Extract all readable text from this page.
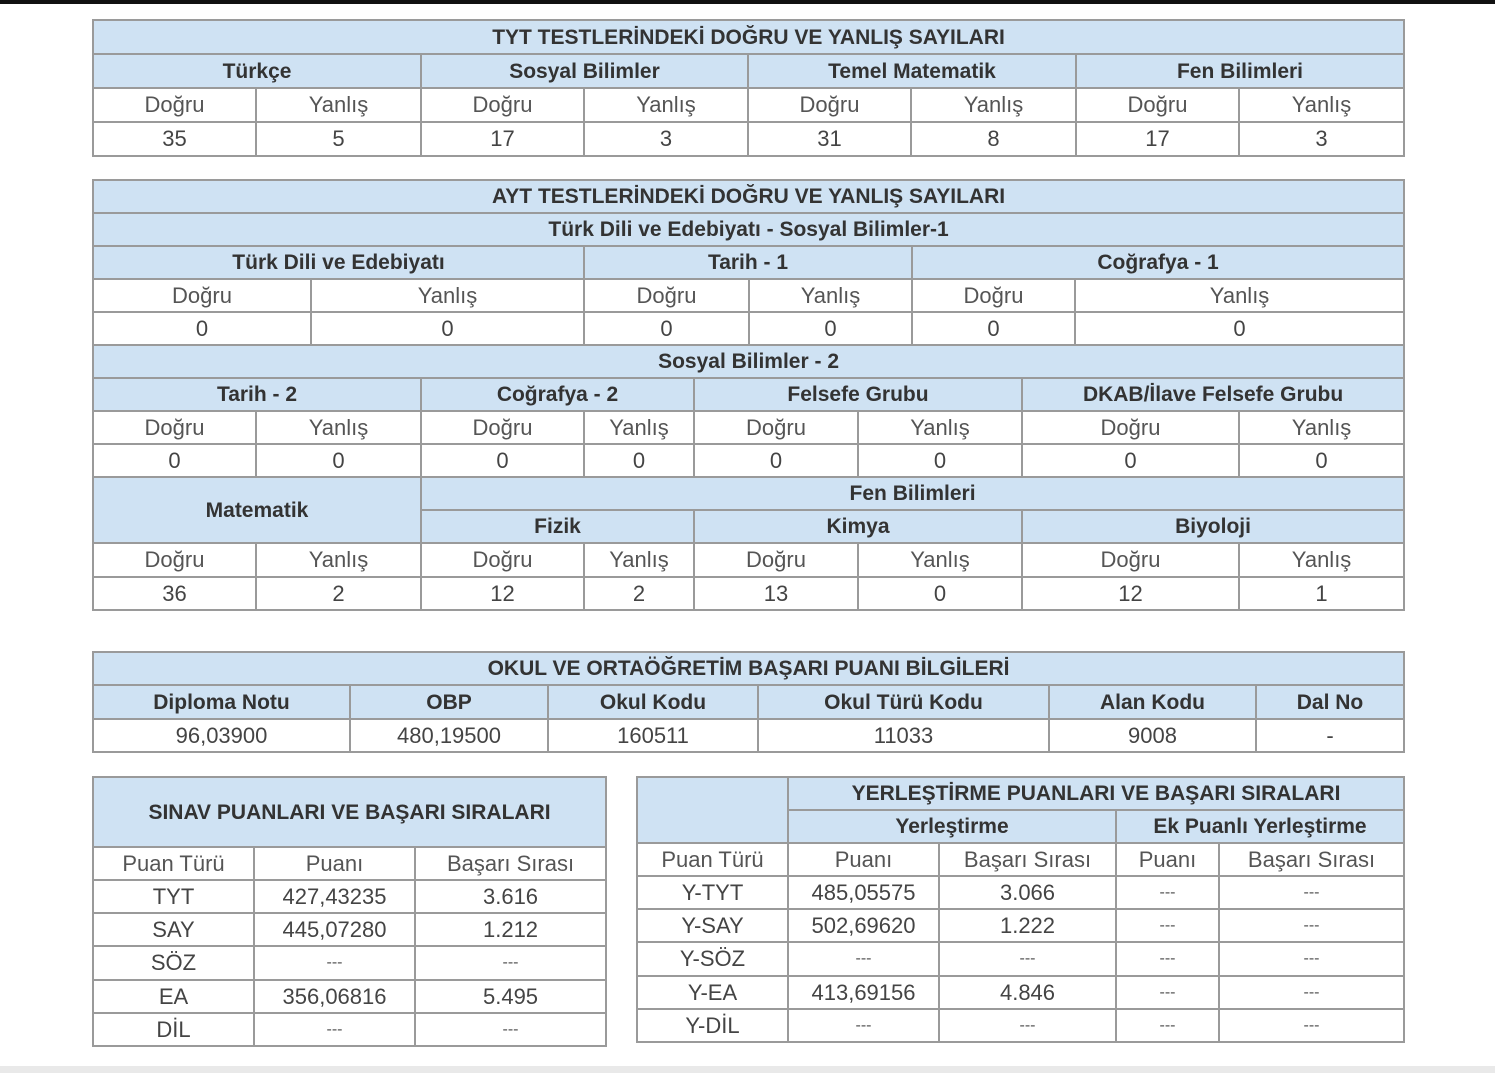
TYT TESTLERİNDEKİ DOĞRU VE YANLIŞ SAYILARI							
Türkçe		Sosyal Bilimler		Temel Matematik		Fen Bilimleri	
Doğru	Yanlış	Doğru	Yanlış	Doğru	Yanlış	Doğru	Yanlış
35	5	17	3	31	8	17	3
AYT TESTLERİNDEKİ DOĞRU VE YANLIŞ SAYILARI											
Türk Dili ve Edebiyatı - Sosyal Bilimler-1											
Türk Dili ve Edebiyatı				Tarih - 1				Coğrafya - 1			
Doğru		Yanlış		Doğru		Yanlış		Doğru		Yanlış	
0		0		0		0		0		0	
Sosyal Bilimler - 2											
Tarih - 2			Coğrafya - 2		Felsefe Grubu				DKAB/İlave Felsefe Grubu		
Doğru	Yanlış		Doğru	Yanlış	Doğru		Yanlış		Doğru		Yanlış
0	0		0	0	0		0		0		0
Matematik			Fen Bilimleri								
			Fizik		Kimya				Biyoloji		
Doğru	Yanlış		Doğru	Yanlış	Doğru		Yanlış		Doğru		Yanlış
36	2		12	2	13		0		12		1
OKUL VE ORTAÖĞRETİM BAŞARI PUANI BİLGİLERİ					
Diploma Notu	OBP	Okul Kodu	Okul Türü Kodu	Alan Kodu	Dal No
96,03900	480,19500	160511	11033	9008	-
SINAV PUANLARI VE BAŞARI SIRALARI		
Puan Türü	Puanı	Başarı Sırası
TYT	427,43235	3.616
SAY	445,07280	1.212
SÖZ	---	---
EA	356,06816	5.495
DİL	---	---
	YERLEŞTİRME PUANLARI VE BAŞARI SIRALARI			
	Yerleştirme		Ek Puanlı Yerleştirme	
Puan Türü	Puanı	Başarı Sırası	Puanı	Başarı Sırası
Y-TYT	485,05575	3.066	---	---
Y-SAY	502,69620	1.222	---	---
Y-SÖZ	---	---	---	---
Y-EA	413,69156	4.846	---	---
Y-DİL	---	---	---	---
